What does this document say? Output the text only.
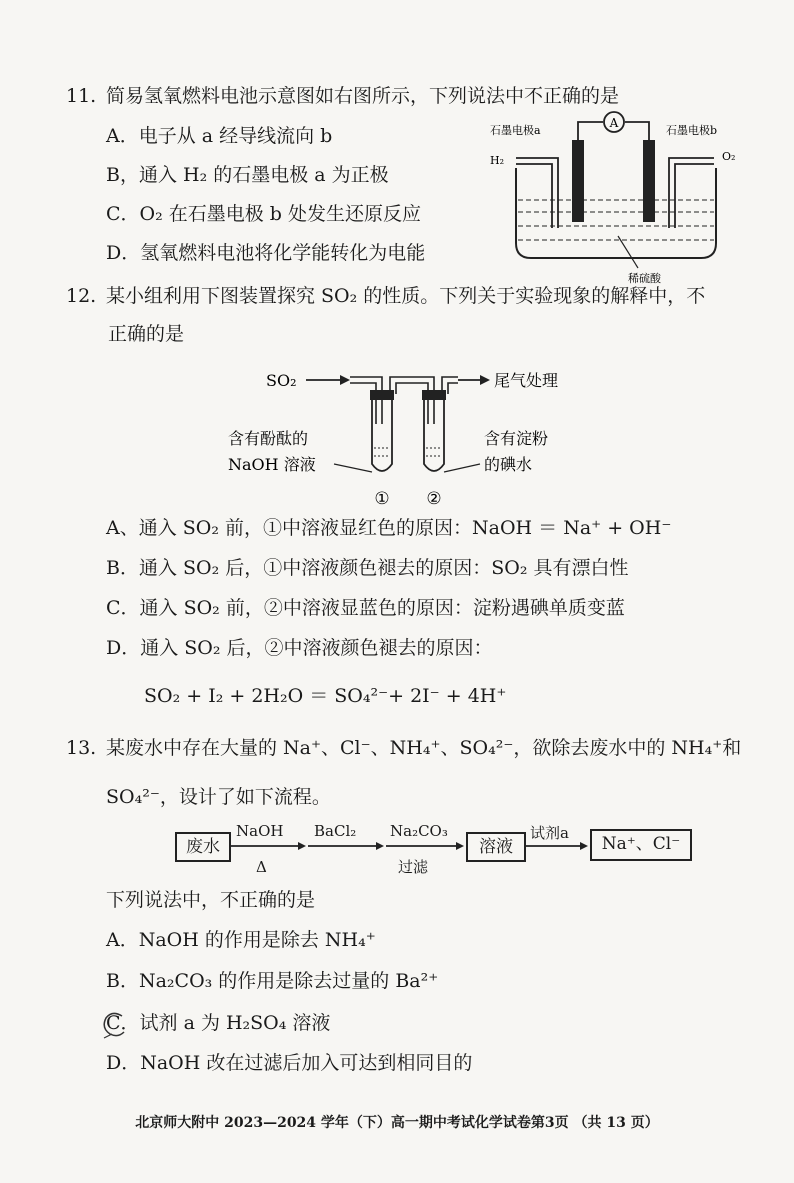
11. 简易氢氧燃料电池示意图如右图所示，下列说法中不正确的是
A．电子从 a 经导线流向 b
B，通入 H₂ 的石墨电极 a 为正极
C．O₂ 在石墨电极 b 处发生还原反应
D．氢氧燃料电池将化学能转化为电能
A
石墨电极a	石墨电极b
H₂	O₂
稀硫酸
12. 某小组利用下图装置探究 SO₂ 的性质。下列关于实验现象的解释中，不
正确的是
SO₂	尾气处理
含有酚酞的
NaOH 溶液
含有淀粉
的碘水
① ②
A、通入 SO₂ 前，①中溶液显红色的原因：NaOH ＝ Na⁺ + OH⁻
B．通入 SO₂ 后，①中溶液颜色褪去的原因：SO₂ 具有漂白性
C．通入 SO₂ 前，②中溶液显蓝色的原因：淀粉遇碘单质变蓝
D．通入 SO₂ 后，②中溶液颜色褪去的原因：
SO₂ + I₂ + 2H₂O ＝ SO₄²⁻+ 2I⁻ + 4H⁺
13. 某废水中存在大量的 Na⁺、Cl⁻、NH₄⁺、SO₄²⁻，欲除去废水中的 NH₄⁺和
SO₄²⁻，设计了如下流程。
废水	溶液	Na⁺、Cl⁻
NaOH
Δ
BaCl₂ Na₂CO₃
过滤
试剂a
下列说法中，不正确的是
A．NaOH 的作用是除去 NH₄⁺
B．Na₂CO₃ 的作用是除去过量的 Ba²⁺
C．试剂 a 为 H₂SO₄ 溶液
D．NaOH 改在过滤后加入可达到相同目的
北京师大附中 2023—2024 学年（下）高一期中考试化学试卷第3页 （共 13 页）
